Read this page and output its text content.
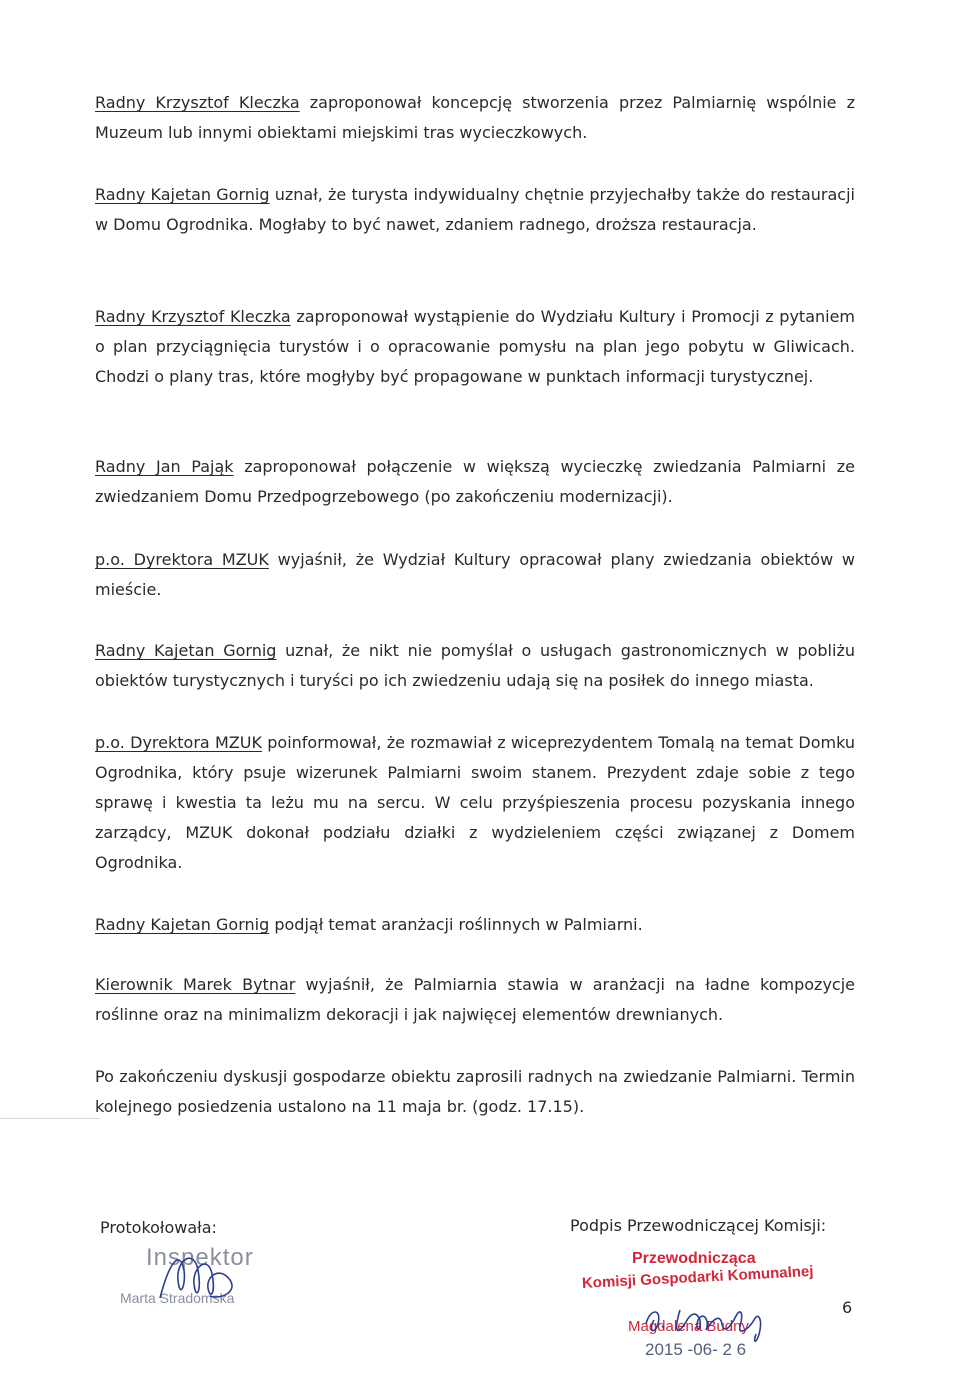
Radny Krzysztof Kleczka zaproponował koncepcję stworzenia przez Palmiarnię wspólnie z Muzeum lub innymi obiektami miejskimi tras wycieczkowych.

Radny Kajetan Gornig uznał, że turysta indywidualny chętnie przyjechałby także do restauracji w Domu Ogrodnika. Mogłaby to być nawet, zdaniem radnego, droższa restauracja.

Radny Krzysztof Kleczka zaproponował wystąpienie do Wydziału Kultury i Promocji z pytaniem o plan przyciągnięcia turystów i o opracowanie pomysłu na plan jego pobytu w Gliwicach. Chodzi o plany tras, które mogłyby być propagowane w punktach informacji turystycznej.

Radny Jan Pająk zaproponował połączenie w większą wycieczkę zwiedzania Palmiarni ze zwiedzaniem Domu Przedpogrzebowego (po zakończeniu modernizacji).

p.o. Dyrektora MZUK wyjaśnił, że Wydział Kultury opracował plany zwiedzania obiektów w mieście.

Radny Kajetan Gornig uznał, że nikt nie pomyślał o usługach gastronomicznych w pobliżu obiektów turystycznych i turyści po ich zwiedzeniu udają się na posiłek do innego miasta.

p.o. Dyrektora MZUK poinformował, że rozmawiał z wiceprezydentem Tomalą na temat Domku Ogrodnika, który psuje wizerunek Palmiarni swoim stanem. Prezydent zdaje sobie z tego sprawę i kwestia ta leżu mu na sercu. W celu przyśpieszenia procesu pozyskania innego zarządcy, MZUK dokonał podziału działki z wydzieleniem części związanej z Domem Ogrodnika.

Radny Kajetan Gornig podjął temat aranżacji roślinnych w Palmiarni.

Kierownik Marek Bytnar wyjaśnił, że Palmiarnia stawia w aranżacji na ładne kompozycje roślinne oraz na minimalizm dekoracji i jak najwięcej elementów drewnianych.

Po zakończeniu dyskusji gospodarze obiektu zaprosili radnych na zwiedzanie Palmiarni. Termin kolejnego posiedzenia ustalono na 11 maja br. (godz. 17.15).

Protokołowała:
Inspektor
Marta Stradomska
Podpis Przewodniczącej Komisji:
Przewodnicząca
Komisji Gospodarki Komunalnej
Magdalena Budny
2015 -06- 2 6
6
